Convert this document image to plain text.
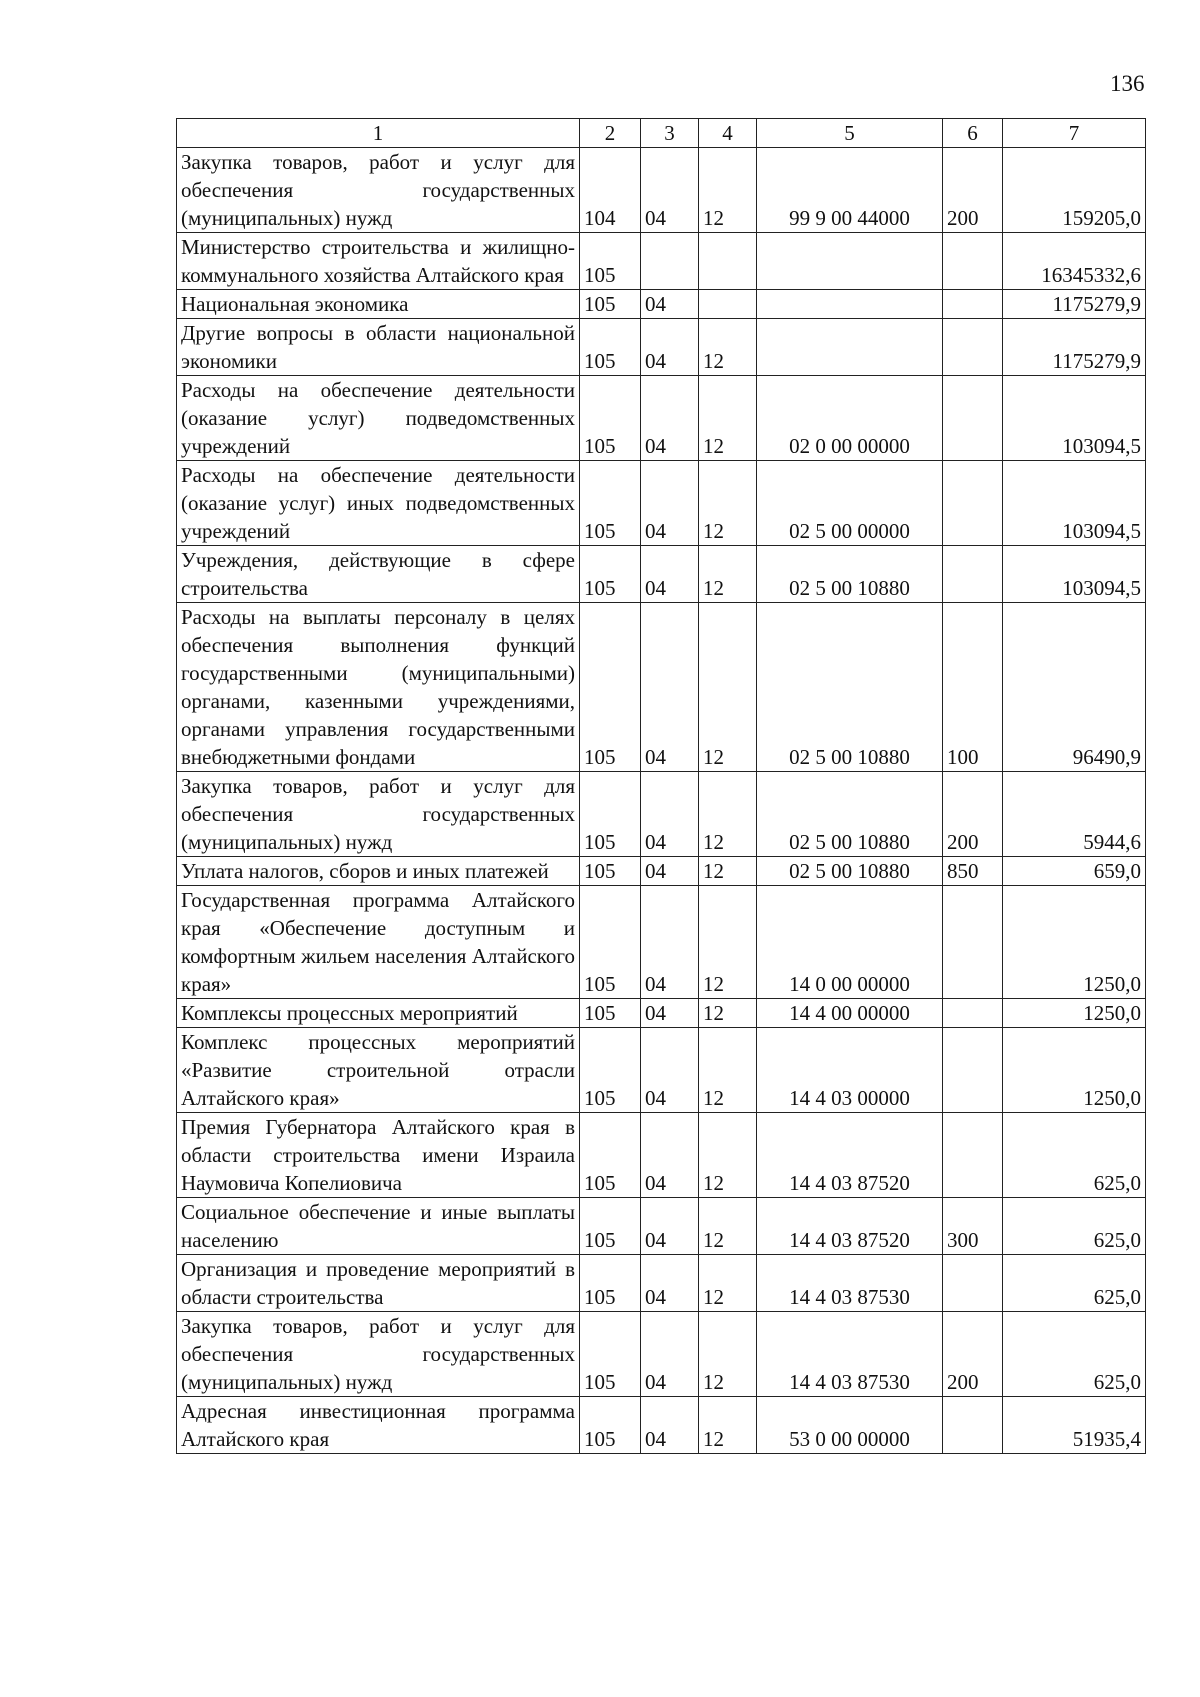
136
1	2	3	4	5	6	7
Закупка товаров, работ и услуг для обеспечения государственных (муниципальных) нужд	104	04	12	99 9 00 44000	200	159205,0
Министерство строительства и жилищно-коммунального хозяйства Алтайского края	105					16345332,6
Национальная экономика	105	04				1175279,9
Другие вопросы в области национальной экономики	105	04	12			1175279,9
Расходы на обеспечение деятельности (оказание услуг) подведомственных учреждений	105	04	12	02 0 00 00000		103094,5
Расходы на обеспечение деятельности (оказание услуг) иных подведомственных учреждений	105	04	12	02 5 00 00000		103094,5
Учреждения, действующие в сфере строительства	105	04	12	02 5 00 10880		103094,5
Расходы на выплаты персоналу в целях обеспечения выполнения функций государственными (муниципальными) органами, казенными учреждениями, органами управления государственными внебюджетными фондами	105	04	12	02 5 00 10880	100	96490,9
Закупка товаров, работ и услуг для обеспечения государственных (муниципальных) нужд	105	04	12	02 5 00 10880	200	5944,6
Уплата налогов, сборов и иных платежей	105	04	12	02 5 00 10880	850	659,0
Государственная программа Алтайского края «Обеспечение доступным и комфортным жильем населения Алтайского края»	105	04	12	14 0 00 00000		1250,0
Комплексы процессных мероприятий	105	04	12	14 4 00 00000		1250,0
Комплекс процессных мероприятий «Развитие строительной отрасли Алтайского края»	105	04	12	14 4 03 00000		1250,0
Премия Губернатора Алтайского края в области строительства имени Израила Наумовича Копелиовича	105	04	12	14 4 03 87520		625,0
Социальное обеспечение и иные выплаты населению	105	04	12	14 4 03 87520	300	625,0
Организация и проведение мероприятий в области строительства	105	04	12	14 4 03 87530		625,0
Закупка товаров, работ и услуг для обеспечения государственных (муниципальных) нужд	105	04	12	14 4 03 87530	200	625,0
Адресная инвестиционная программа Алтайского края	105	04	12	53 0 00 00000		51935,4
